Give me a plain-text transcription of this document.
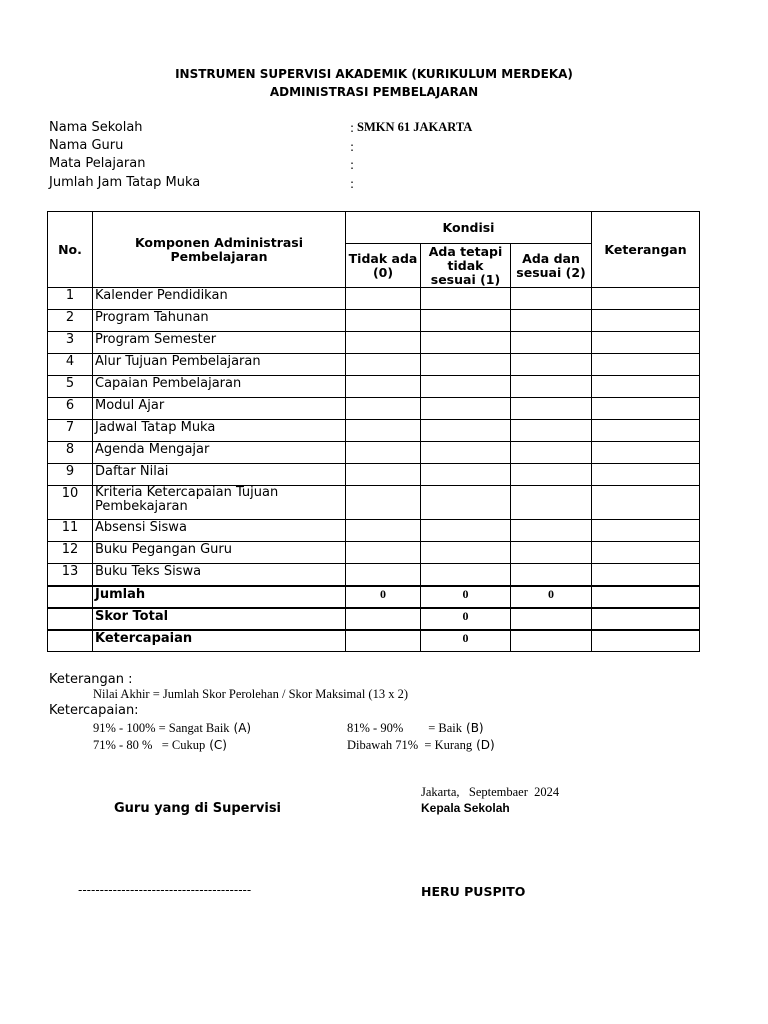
INSTRUMEN SUPERVISI AKADEMIK (KURIKULUM MERDEKA)
ADMINISTRASI PEMBELAJARAN
Nama Sekolah	: SMKN 61 JAKARTA
Nama Guru	:
Mata Pelajaran	:
Jumlah Jam Tatap Muka	:
No.	Komponen Administrasi Pembelajaran	Kondisi			Keterangan
		Tidak ada (0)	Ada tetapi tidak sesuai (1)	Ada dan sesuai (2)	
1	Kalender Pendidikan				
2	Program Tahunan				
3	Program Semester				
4	Alur Tujuan Pembelajaran				
5	Capaian Pembelajaran				
6	Modul Ajar				
7	Jadwal Tatap Muka				
8	Agenda Mengajar				
9	Daftar Nilai				
10	Kriteria Ketercapaian Tujuan Pembekajaran				
11	Absensi Siswa				
12	Buku Pegangan Guru				
13	Buku Teks Siswa				
	Jumlah	0	0	0	
	Skor Total		0		
	Ketercapaian		0		
Keterangan :
Nilai Akhir = Jumlah Skor Perolehan / Skor Maksimal (13 x 2)
Ketercapaian:
91% - 100% = Sangat Baik (A)	81% - 90%        = Baik (B)
71% - 80 %   = Cukup (C)	Dibawah 71%  = Kurang (D)
Jakarta,   Septembaer  2024
Guru yang di Supervisi	Kepala Sekolah
----------------------------------------	HERU PUSPITO
